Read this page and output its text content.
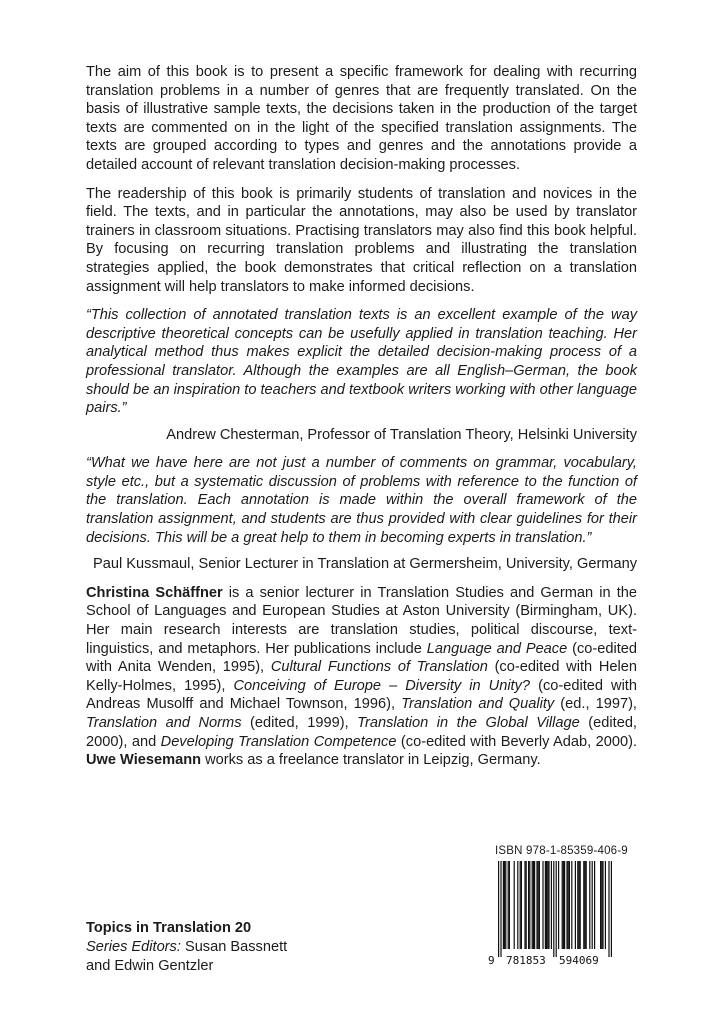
The aim of this book is to present a specific framework for dealing with recurring translation problems in a number of genres that are frequently translated. On the basis of illustrative sample texts, the decisions taken in the production of the target texts are commented on in the light of the specified translation assignments. The texts are grouped according to types and genres and the annotations provide a detailed account of relevant translation decision-making processes.

The readership of this book is primarily students of translation and novices in the field. The texts, and in particular the annotations, may also be used by translator trainers in classroom situations. Practising translators may also find this book helpful. By focusing on recurring translation problems and illustrating the translation strategies applied, the book demonstrates that critical reflection on a translation assignment will help translators to make informed decisions.

“This collection of annotated translation texts is an excellent example of the way descriptive theoretical concepts can be usefully applied in translation teaching. Her analytical method thus makes explicit the detailed decision-making process of a professional translator. Although the examples are all English–German, the book should be an inspiration to teachers and textbook writers working with other language pairs.”

Andrew Chesterman, Professor of Translation Theory, Helsinki University

“What we have here are not just a number of comments on grammar, vocabulary, style etc., but a systematic discussion of problems with reference to the function of the translation. Each annotation is made within the overall framework of the translation assignment, and students are thus provided with clear guidelines for their decisions. This will be a great help to them in becoming experts in translation.”

Paul Kussmaul, Senior Lecturer in Translation at Germersheim, University, Germany

Christina Schäffner is a senior lecturer in Translation Studies and German in the School of Languages and European Studies at Aston University (Birmingham, UK). Her main research interests are translation studies, political discourse, text-linguistics, and metaphors. Her publications include Language and Peace (co-edited with Anita Wenden, 1995), Cultural Functions of Translation (co-edited with Helen Kelly-Holmes, 1995), Conceiving of Europe – Diversity in Unity? (co-edited with Andreas Musolff and Michael Townson, 1996), Translation and Quality (ed., 1997), Translation and Norms (edited, 1999), Translation in the Global Village (edited, 2000), and Developing Translation Competence (co-edited with Beverly Adab, 2000). Uwe Wiesemann works as a freelance translator in Leipzig, Germany.

ISBN 978-1-85359-406-9
9 781853 594069
Topics in Translation 20
Series Editors: Susan Bassnett
and Edwin Gentzler
